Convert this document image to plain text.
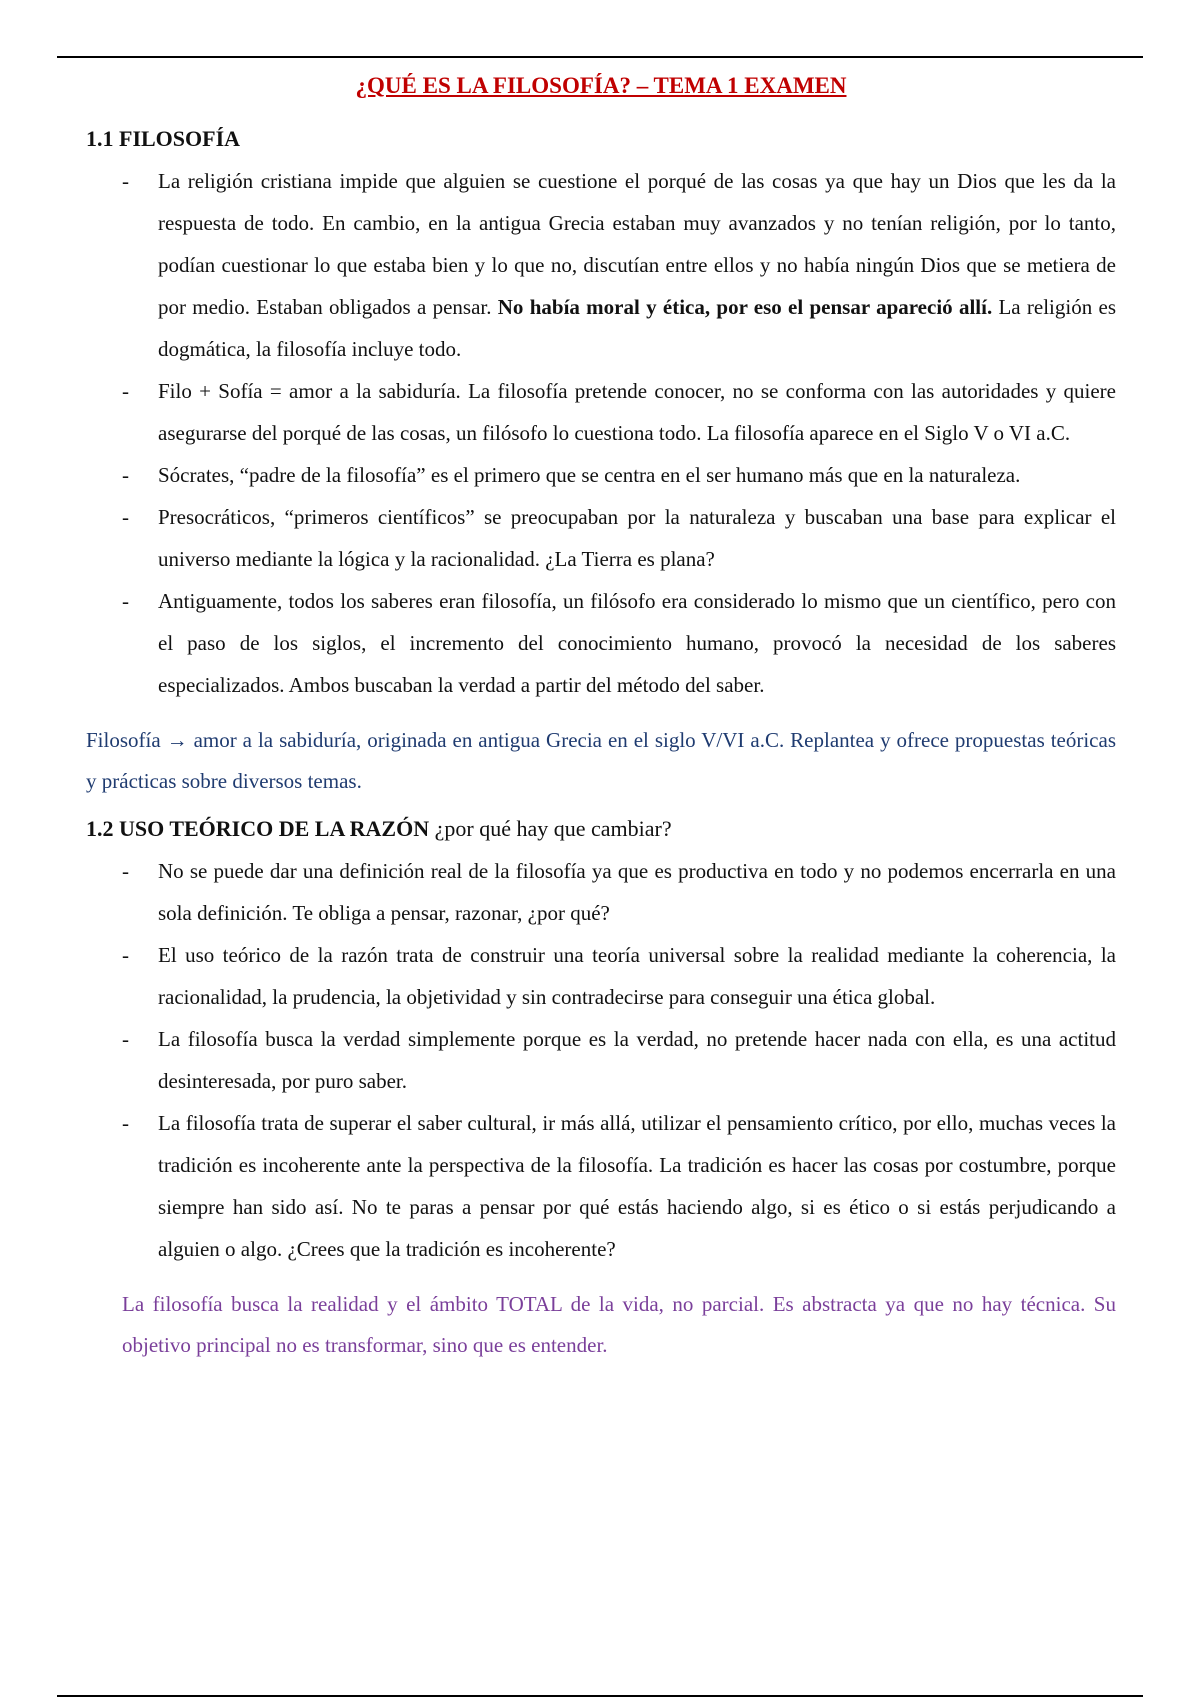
¿QUÉ ES LA FILOSOFÍA? – TEMA 1 EXAMEN
1.1 FILOSOFÍA
- La religión cristiana impide que alguien se cuestione el porqué de las cosas ya que hay un Dios que les da la respuesta de todo. En cambio, en la antigua Grecia estaban muy avanzados y no tenían religión, por lo tanto, podían cuestionar lo que estaba bien y lo que no, discutían entre ellos y no había ningún Dios que se metiera de por medio. Estaban obligados a pensar. No había moral y ética, por eso el pensar apareció allí. La religión es dogmática, la filosofía incluye todo.
- Filo + Sofía = amor a la sabiduría. La filosofía pretende conocer, no se conforma con las autoridades y quiere asegurarse del porqué de las cosas, un filósofo lo cuestiona todo. La filosofía aparece en el Siglo V o VI a.C.
- Sócrates, “padre de la filosofía” es el primero que se centra en el ser humano más que en la naturaleza.
- Presocráticos, “primeros científicos” se preocupaban por la naturaleza y buscaban una base para explicar el universo mediante la lógica y la racionalidad. ¿La Tierra es plana?
- Antiguamente, todos los saberes eran filosofía, un filósofo era considerado lo mismo que un científico, pero con el paso de los siglos, el incremento del conocimiento humano, provocó la necesidad de los saberes especializados. Ambos buscaban la verdad a partir del método del saber.
Filosofía → amor a la sabiduría, originada en antigua Grecia en el siglo V/VI a.C. Replantea y ofrece propuestas teóricas y prácticas sobre diversos temas.
1.2 USO TEÓRICO DE LA RAZÓN ¿por qué hay que cambiar?
- No se puede dar una definición real de la filosofía ya que es productiva en todo y no podemos encerrarla en una sola definición. Te obliga a pensar, razonar, ¿por qué?
- El uso teórico de la razón trata de construir una teoría universal sobre la realidad mediante la coherencia, la racionalidad, la prudencia, la objetividad y sin contradecirse para conseguir una ética global.
- La filosofía busca la verdad simplemente porque es la verdad, no pretende hacer nada con ella, es una actitud desinteresada, por puro saber.
- La filosofía trata de superar el saber cultural, ir más allá, utilizar el pensamiento crítico, por ello, muchas veces la tradición es incoherente ante la perspectiva de la filosofía. La tradición es hacer las cosas por costumbre, porque siempre han sido así. No te paras a pensar por qué estás haciendo algo, si es ético o si estás perjudicando a alguien o algo. ¿Crees que la tradición es incoherente?
La filosofía busca la realidad y el ámbito TOTAL de la vida, no parcial. Es abstracta ya que no hay técnica. Su objetivo principal no es transformar, sino que es entender.
